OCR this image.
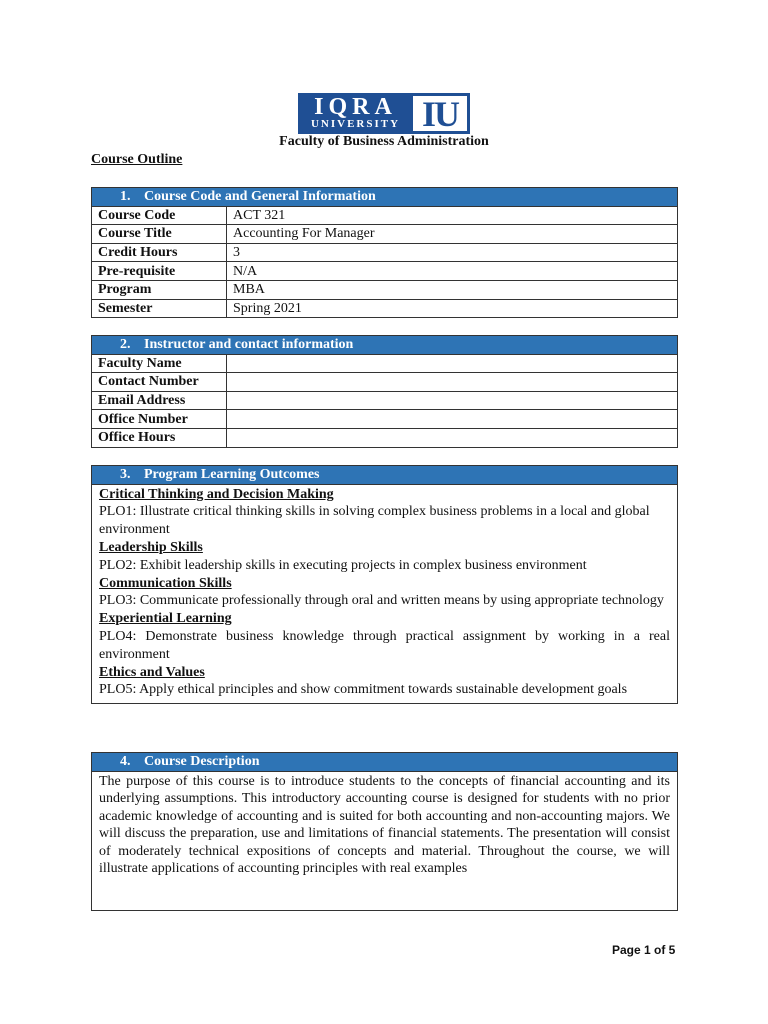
IQRA
UNIVERSITY IU
Faculty of Business Administration
Course Outline
1. Course Code and General Information	
Course Code	ACT 321
Course Title	Accounting For Manager
Credit Hours	3
Pre-requisite	N/A
Program	MBA
Semester	Spring 2021
2. Instructor and contact information	
Faculty Name	
Contact Number	
Email Address	
Office Number	
Office Hours	
3. Program Learning Outcomes

Critical Thinking and Decision Making
PLO1: Illustrate critical thinking skills in solving complex business problems in a local and global environment
Leadership Skills
PLO2: Exhibit leadership skills in executing projects in complex business environment
Communication Skills
PLO3: Communicate professionally through oral and written means by using appropriate technology
Experiential Learning
PLO4: Demonstrate business knowledge through practical assignment by working in a real environment
Ethics and Values
PLO5: Apply ethical principles and show commitment towards sustainable development goals
4. Course Description
The purpose of this course is to introduce students to the concepts of financial accounting and its underlying assumptions. This introductory accounting course is designed for students with no prior academic knowledge of accounting and is suited for both accounting and non-accounting majors. We will discuss the preparation, use and limitations of financial statements. The presentation will consist of moderately technical expositions of concepts and material. Throughout the course, we will illustrate applications of accounting principles with real examples
Page 1 of 5
